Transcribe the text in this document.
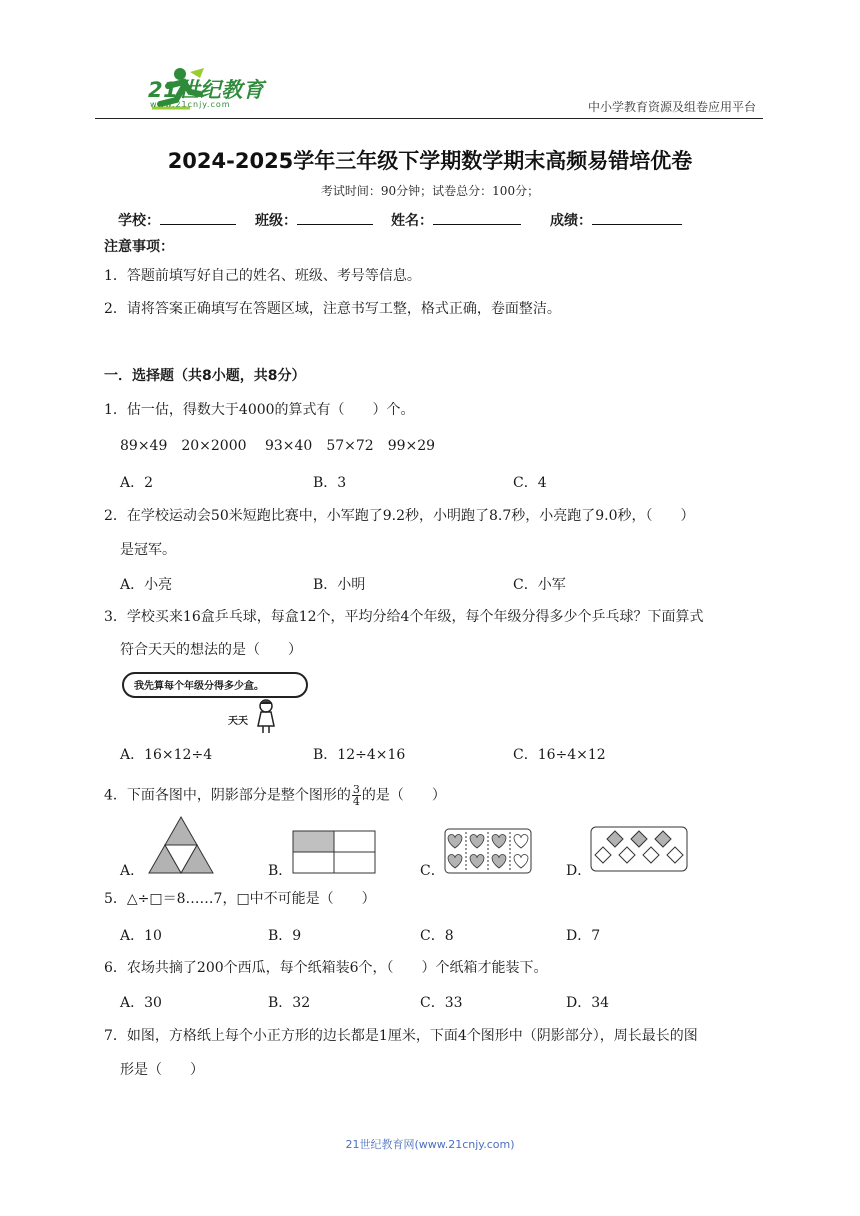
21世纪教育
www.21cnjy.com	中小学教育资源及组卷应用平台
2024-2025学年三年级下学期数学期末高频易错培优卷
考试时间：90分钟；试卷总分：100分；
学校：	班级：	姓名：	成绩：
注意事项：
1．答题前填写好自己的姓名、班级、考号等信息。
2．请将答案正确填写在答题区域，注意书写工整，格式正确，卷面整洁。
一．选择题（共8小题，共8分）
1．估一估，得数大于4000的算式有（　　）个。
89×49　20×2000　 93×40　57×72　99×29
A．2	B．3	C．4
2．在学校运动会50米短跑比赛中，小军跑了9.2秒，小明跑了8.7秒，小亮跑了9.0秒，（　　）
是冠军。
A．小亮	B．小明	C．小军
3．学校买来16盒乒乓球，每盒12个，平均分给4个年级，每个年级分得多少个乒乓球？下面算式
符合天天的想法的是（　　）
我先算每个年级分得多少盒。
天天
A．16×12÷4	B．12÷4×16	C．16÷4×12
4．下面各图中，阴影部分是整个图形的 $\frac{3}{4}$ 的是（　　）
A．	B．	C．	D．
5．△÷□＝8……7，□中不可能是（　　）
A．10	B．9	C．8	D．7
6．农场共摘了200个西瓜，每个纸箱装6个，（　　）个纸箱才能装下。
A．30	B．32	C．33	D．34
7．如图，方格纸上每个小正方形的边长都是1厘米，下面4个图形中（阴影部分），周长最长的图
形是（　　）
21世纪教育网(www.21cnjy.com)
